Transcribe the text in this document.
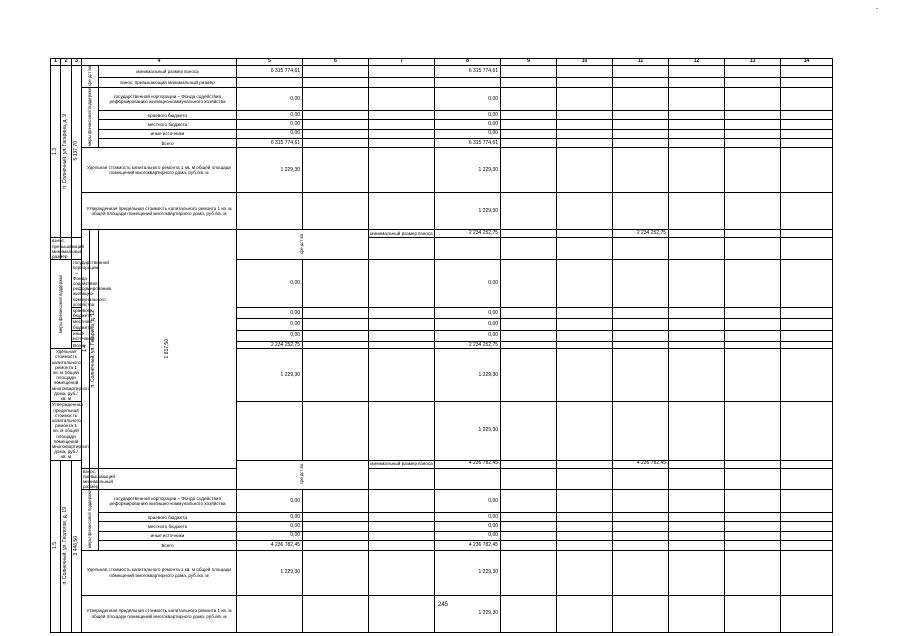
1	2	3	4			5	6	7	8	9	10	11	12	13	14	
1.3	п. Солнечный, ул. Гагарина, д. 9	5 137,70	сре дст ва		минимальный размер взноса	6 315 774,61			6 315 774,61							
					взнос, превышающий минимальный размер											
			меры финансовой поддержки		государственной корпорации – Фонда содействия реформированию жилищно-коммунального хозяйства	0,00			0,00							
					краевого бюджета	0,00			0,00							
					местного бюджета	0,00			0,00							
					иные источники	0,00			0,00							
					Всего	6 315 774,61			6 315 774,61							
			Удельная стоимость капитального ремонта 1 кв. м общей площади помещений многоквартирного дома, руб./кв. м			1 229,30			1 229,30							
			Утвержденная предельная стоимость капитального ремонта 1 кв. м общей площади помещений многоквартирного дома, руб./кв. м						1 229,30							
			1.4	п. Солнечный, ул. Гагарина, д. 12	1 817,50	сре дст ва		минимальный размер взноса	2 234 252,75			2 234 252,75							
взнос, превышающий минимальный размер																
меры финансовой поддержки		государственной корпорации – Фонда содействия реформированию жилищно-коммунального хозяйства				0,00			0,00							
		краевого бюджета				0,00			0,00							
		местного бюджета				0,00			0,00							
		иные источники				0,00			0,00							
		Всего				2 234 252,75			2 234 252,75							
Удельная стоимость капитального ремонта 1 кв. м общей площади помещений многоквартирного дома, руб./кв. м						1 229,30			1 229,30							
Утвержденная предельная стоимость капитального ремонта 1 кв. м общей площади помещений многоквартирного дома, руб./кв. м									1 229,30							
1.5	п. Солнечный, ул. Геологов, д. 19	3 446,50				сре дст ва		минимальный размер взноса	4 236 782,45			4 236 782,45							
			взнос, превышающий минимальный размер													
			меры финансовой поддержки		государственной корпорации – Фонда содействия реформированию жилищно-коммунального хозяйства	0,00			0,00							
					краевого бюджета	0,00			0,00							
					местного бюджета	0,00			0,00							
					иные источники	0,00			0,00							
					Всего	4 236 782,45			4 236 782,45							
			Удельная стоимость капитального ремонта 1 кв. м общей площади помещений многоквартирного дома, руб./кв. м			1 229,30			1 229,30							
			Утвержденная предельная стоимость капитального ремонта 1 кв. м общей площади помещений многоквартирного дома, руб./кв. м						1 229,30							
245
-
